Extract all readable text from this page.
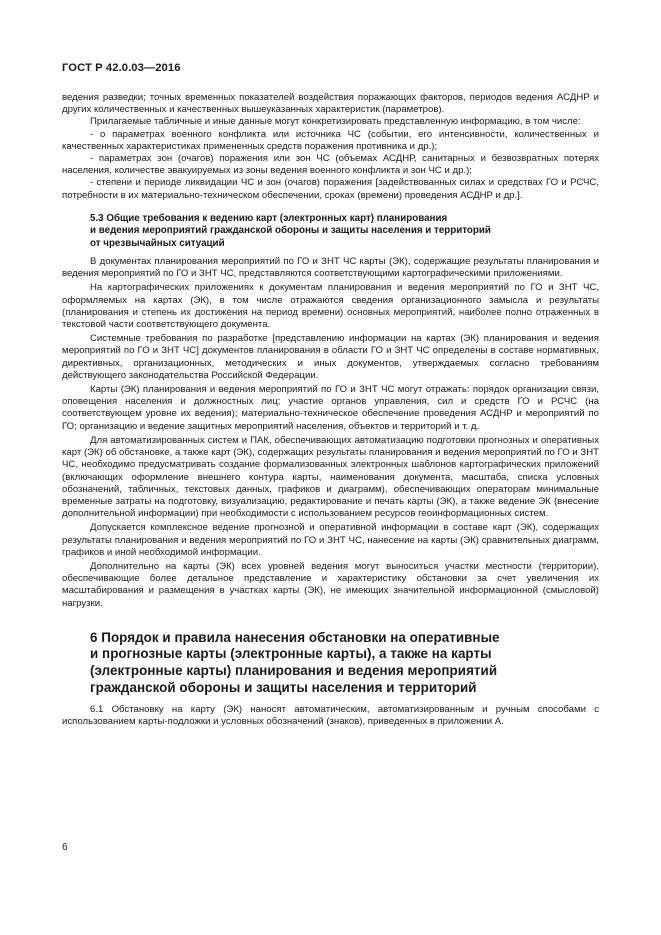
ГОСТ Р 42.0.03—2016

ведения разведки; точных временных показателей воздействия поражающих факторов, периодов ведения АСДНР и других количественных и качественных вышеуказанных характеристик (параметров).

Прилагаемые табличные и иные данные могут конкретизировать представленную информацию, в том числе:

- о параметрах военного конфликта или источника ЧС (событии, его интенсивности, количественных и качественных характеристиках примененных средств поражения противника и др.);

- параметрах зон (очагов) поражения или зон ЧС (объемах АСДНР, санитарных и безвозвратных потерях населения, количестве эвакуируемых из зоны ведения военного конфликта и зон ЧС и др.);

- степени и периоде ликвидации ЧС и зон (очагов) поражения [задействованных силах и средствах ГО и РСЧС, потребности в их материально-техническом обеспечении, сроках (времени) проведения АСДНР и др.].

5.3 Общие требования к ведению карт (электронных карт) планирования
и ведения мероприятий гражданской обороны и защиты населения и территорий
от чрезвычайных ситуаций

В документах планирования мероприятий по ГО и ЗНТ ЧС карты (ЭК), содержащие результаты планирования и ведения мероприятий по ГО и ЗНТ ЧС, представляются соответствующими картографическими приложениями.

На картографических приложениях к документам планирования и ведения мероприятий по ГО и ЗНТ ЧС, оформляемых на картах (ЭК), в том числе отражаются сведения организационного замысла и результаты (планирования и степень их достижения на период времени) основных мероприятий, наиболее полно отраженных в текстовой части соответствующего документа.

Системные требования по разработке [представлению информации на картах (ЭК) планирования и ведения мероприятий по ГО и ЗНТ ЧС] документов планирования в области ГО и ЗНТ ЧС определены в составе нормативных, директивных, организационных, методических и иных документов, утверждаемых согласно требованиям действующего законодательства Российской Федерации.

Карты (ЭК) планирования и ведения мероприятий по ГО и ЗНТ ЧС могут отражать: порядок организации связи, оповещения населения и должностных лиц; участие органов управления, сил и средств ГО и РСЧС (на соответствующем уровне их ведения); материально-техническое обеспечение проведения АСДНР и мероприятий по ГО; организацию и ведение защитных мероприятий населения, объектов и территорий и т. д.

Для автоматизированных систем и ПАК, обеспечивающих автоматизацию подготовки прогнозных и оперативных карт (ЭК) об обстановке, а также карт (ЭК), содержащих результаты планирования и ведения мероприятий по ГО и ЗНТ ЧС, необходимо предусматривать создание формализованных электронных шаблонов картографических приложений (включающих оформление внешнего контура карты, наименования документа, масштаба, списка условных обозначений, табличных, текстовых данных, графиков и диаграмм), обеспечивающих операторам минимальные временные затраты на подготовку, визуализацию, редактирование и печать карты (ЭК), а также ведение ЭК (внесение дополнительной информации) при необходимости с использованием ресурсов геоинформационных систем.

Допускается комплексное ведение прогнозной и оперативной информации в составе карт (ЭК), содержащих результаты планирования и ведения мероприятий по ГО и ЗНТ ЧС, нанесение на карты (ЭК) сравнительных диаграмм, графиков и иной необходимой информации.

Дополнительно на карты (ЭК) всех уровней ведения могут выноситься участки местности (территории), обеспечивающие более детальное представление и характеристику обстановки за счет увеличения их масштабирования и размещения в участках карты (ЭК), не имеющих значительной информационной (смысловой) нагрузки.

6 Порядок и правила нанесения обстановки на оперативные
и прогнозные карты (электронные карты), а также на карты
(электронные карты) планирования и ведения мероприятий
гражданской обороны и защиты населения и территорий

6.1 Обстановку на карту (ЭК) наносят автоматическим, автоматизированным и ручным способами с использованием карты-подложки и условных обозначений (знаков), приведенных в приложении А.

6
